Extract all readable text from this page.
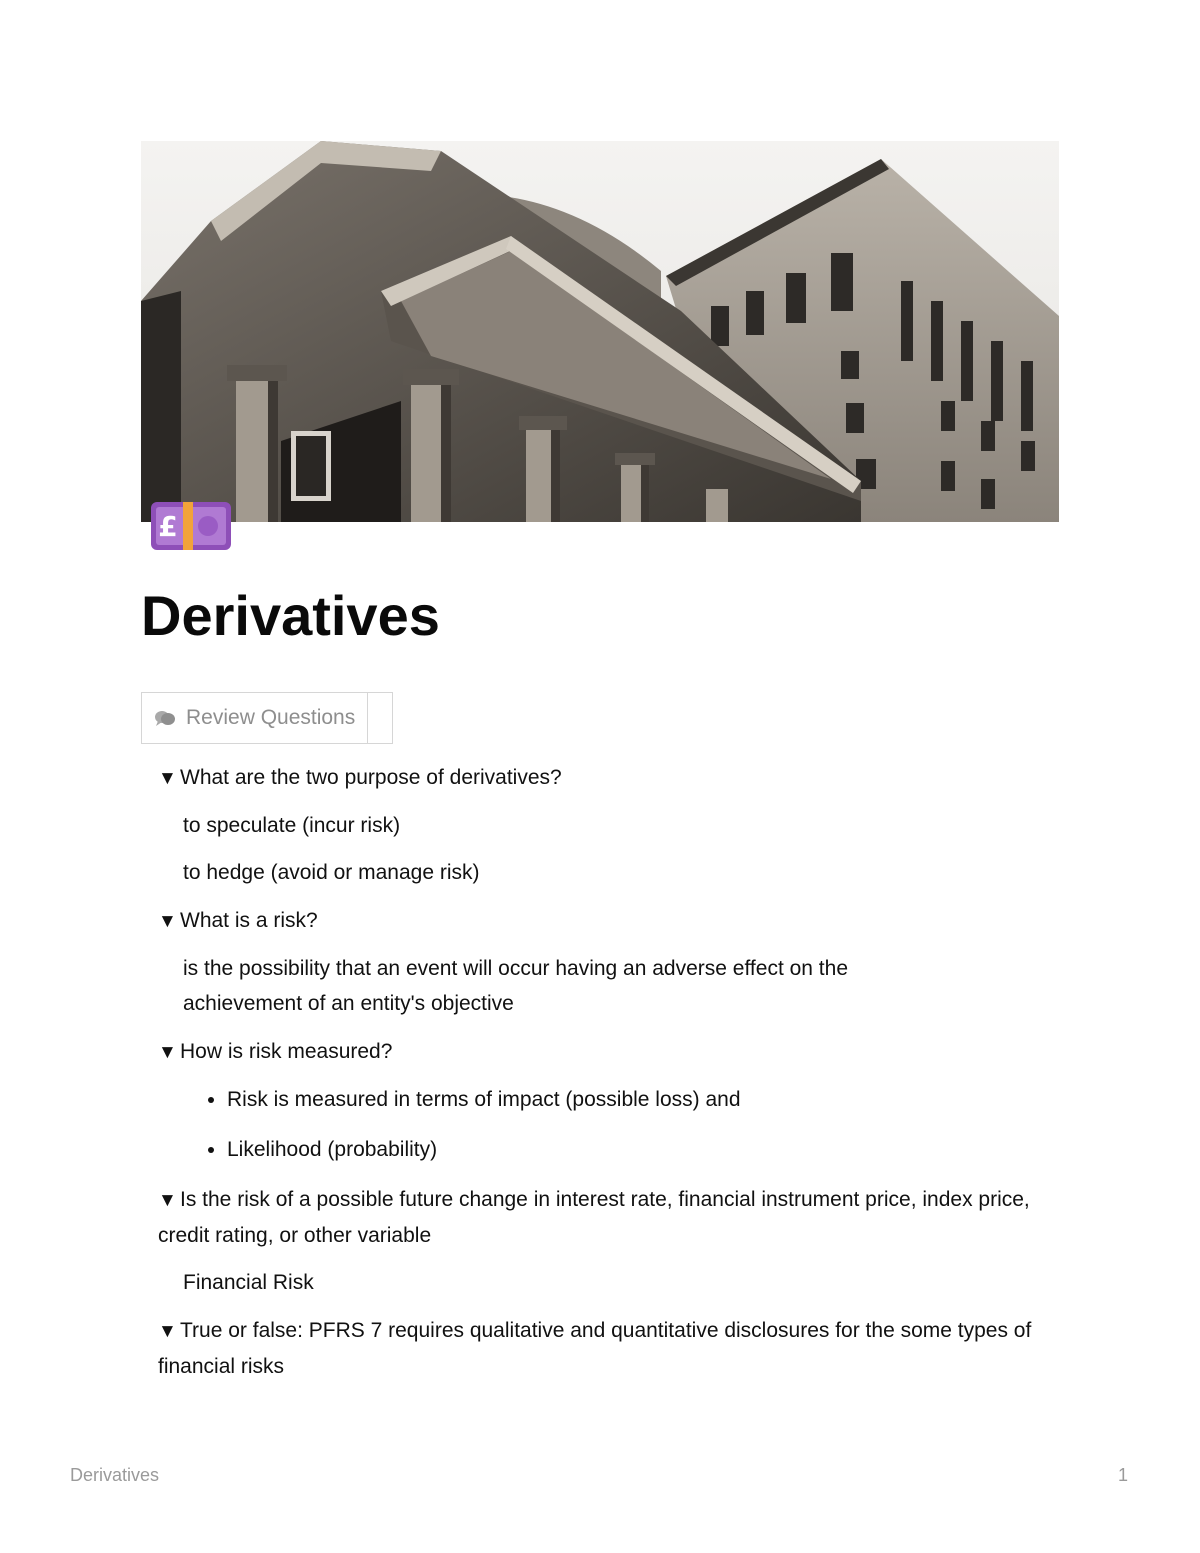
£
Derivatives
Review Questions

▼ What are the two purpose of derivatives?

to speculate (incur risk)

to hedge (avoid or manage risk)

▼ What is a risk?

is the possibility that an event will occur having an adverse effect on the achievement of an entity's objective

▼ How is risk measured?

• Risk is measured in terms of impact (possible loss) and
• Likelihood (probability)

▼ Is the risk of a possible future change in interest rate, financial instrument price, index price, credit rating, or other variable

Financial Risk

▼ True or false: PFRS 7 requires qualitative and quantitative disclosures for the some types of financial risks

Derivatives	1
